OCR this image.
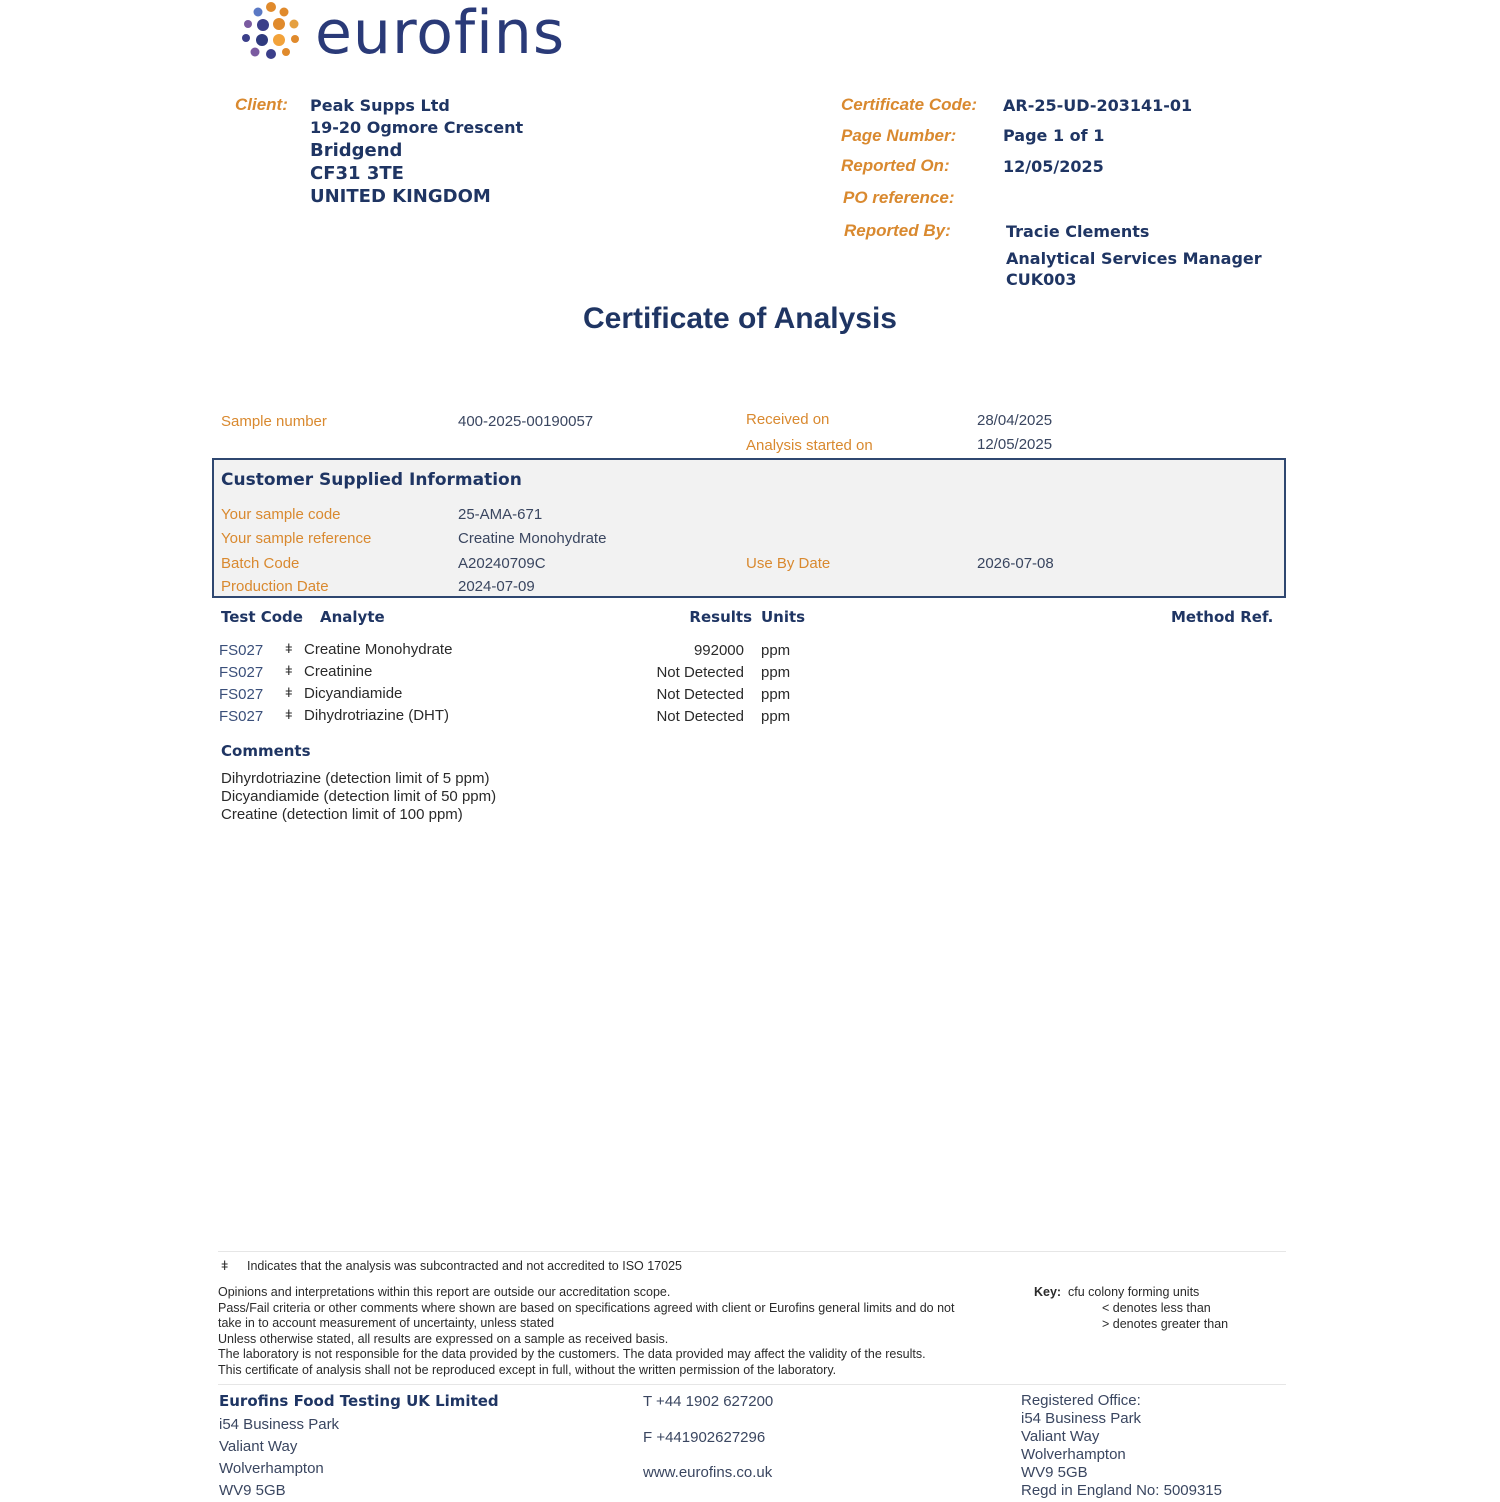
eurofins
Client: Peak Supps Ltd
19-20 Ogmore Crescent
Bridgend
CF31 3TE
UNITED KINGDOM
Certificate Code: AR-25-UD-203141-01
Page Number:	Page 1 of 1
Reported On:	12/05/2025
PO reference:
Reported By:	Tracie Clements
Analytical Services Manager
CUK003
Certificate of Analysis
Sample number	400-2025-00190057	Received on	28/04/2025
Analysis started on	12/05/2025
Customer Supplied Information
Your sample code	25-AMA-671
Your sample reference	Creatine Monohydrate
Batch Code	A20240709C	Use By Date	2026-07-08
Production Date	2024-07-09
Test Code Analyte	Results Units	Method Ref.
FS027 ǂ Creatine Monohydrate	992000 ppm
FS027 ǂ Creatinine	Not Detected ppm
FS027 ǂ Dicyandiamide	Not Detected ppm
FS027 ǂ Dihydrotriazine (DHT)	Not Detected ppm
Comments
Dihyrdotriazine (detection limit of 5 ppm)
Dicyandiamide (detection limit of 50 ppm)
Creatine (detection limit of 100 ppm)
ǂ Indicates that the analysis was subcontracted and not accredited to ISO 17025
Opinions and interpretations within this report are outside our accreditation scope.
Pass/Fail criteria or other comments where shown are based on specifications agreed with client or Eurofins general limits and do not
take in to account measurement of uncertainty, unless stated
Unless otherwise stated, all results are expressed on a sample as received basis.
The laboratory is not responsible for the data provided by the customers. The data provided may affect the validity of the results.
This certificate of analysis shall not be reproduced except in full, without the written permission of the laboratory.
Key: cfu colony forming units
< denotes less than
> denotes greater than
Eurofins Food Testing UK Limited
i54 Business Park
Valiant Way
Wolverhampton
WV9 5GB
T +44 1902 627200
F +441902627296
www.eurofins.co.uk
Registered Office:
i54 Business Park
Valiant Way
Wolverhampton
WV9 5GB
Regd in England No: 5009315
